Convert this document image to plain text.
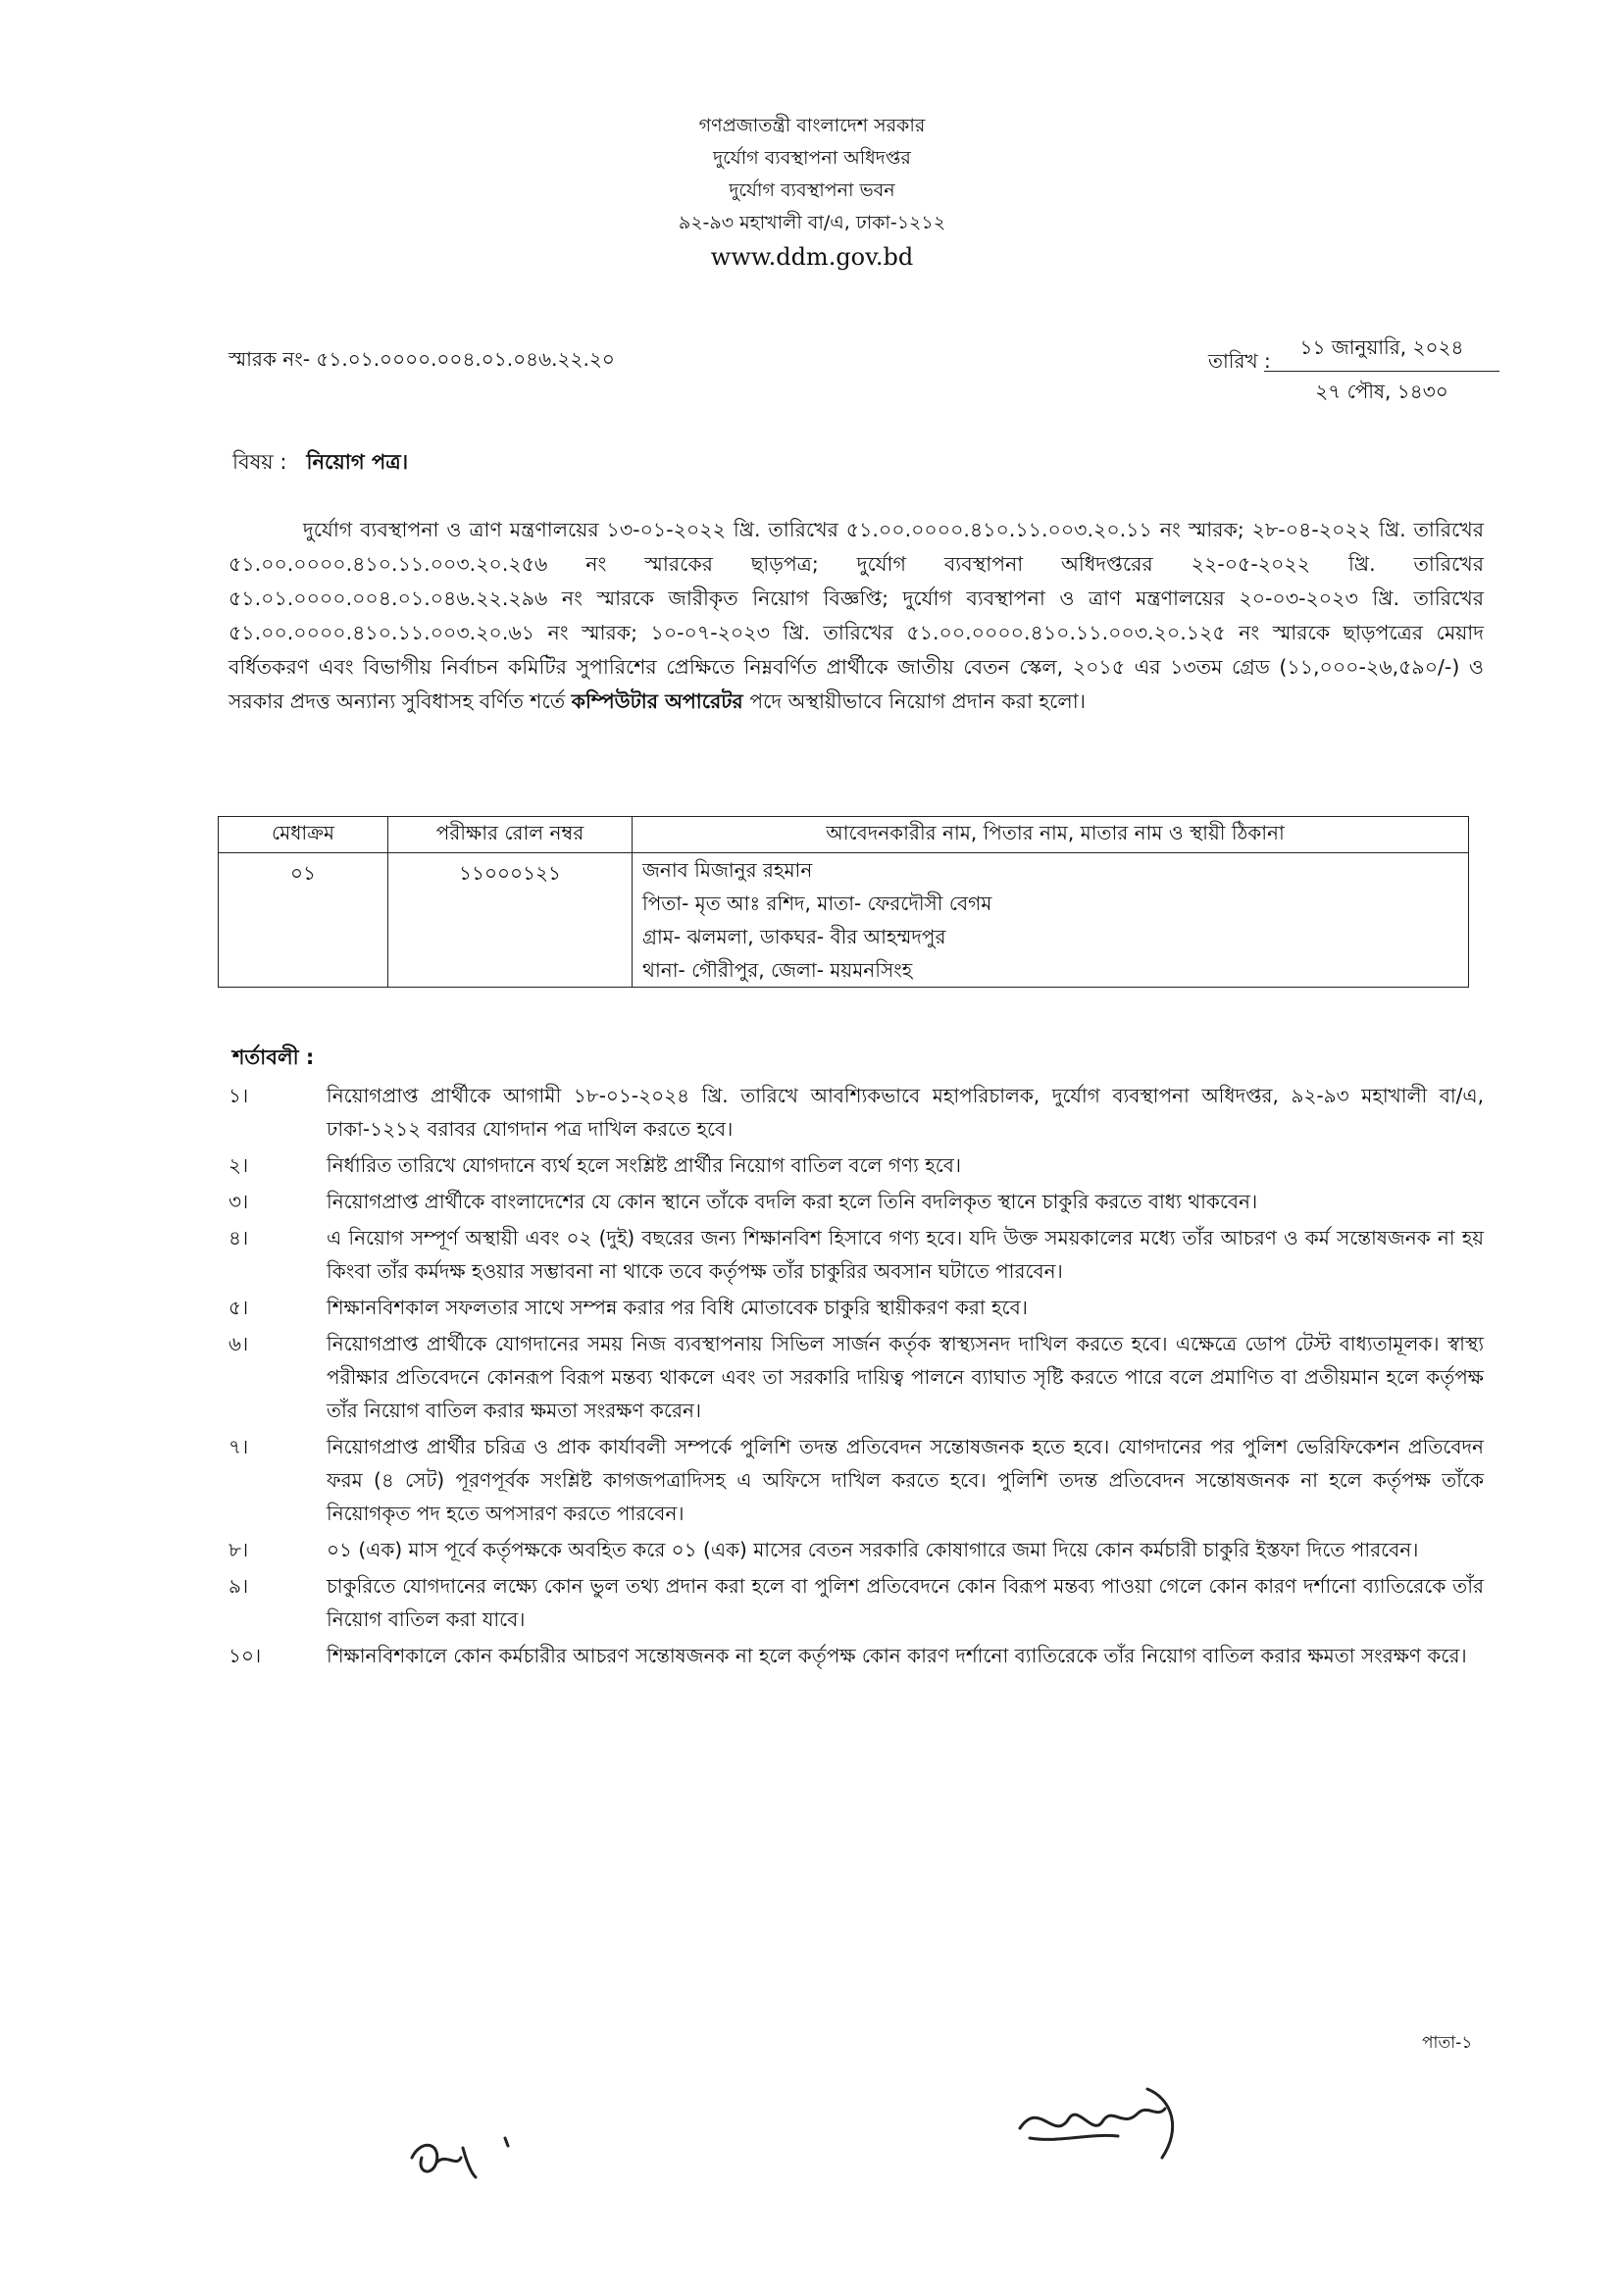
গণপ্রজাতন্ত্রী বাংলাদেশ সরকার
দুর্যোগ ব্যবস্থাপনা অধিদপ্তর
দুর্যোগ ব্যবস্থাপনা ভবন
৯২-৯৩ মহাখালী বা/এ, ঢাকা-১২১২
www.ddm.gov.bd
স্মারক নং- ৫১.০১.০০০০.০০৪.০১.০৪৬.২২.২০	তারিখ :
১১ জানুয়ারি, ২০২৪
২৭ পৌষ, ১৪৩০
বিষয় : নিয়োগ পত্র।
দুর্যোগ ব্যবস্থাপনা ও ত্রাণ মন্ত্রণালয়ের ১৩-০১-২০২২ খ্রি. তারিখের ৫১.০০.০০০০.৪১০.১১.০০৩.২০.১১ নং স্মারক; ২৮-০৪-২০২২ খ্রি. তারিখের ৫১.০০.০০০০.৪১০.১১.০০৩.২০.২৫৬ নং স্মারকের ছাড়পত্র; দুর্যোগ ব্যবস্থাপনা অধিদপ্তরের ২২-০৫-২০২২ খ্রি. তারিখের ৫১.০১.০০০০.০০৪.০১.০৪৬.২২.২৯৬ নং স্মারকে জারীকৃত নিয়োগ বিজ্ঞপ্তি; দুর্যোগ ব্যবস্থাপনা ও ত্রাণ মন্ত্রণালয়ের ২০-০৩-২০২৩ খ্রি. তারিখের ৫১.০০.০০০০.৪১০.১১.০০৩.২০.৬১ নং স্মারক; ১০-০৭-২০২৩ খ্রি. তারিখের ৫১.০০.০০০০.৪১০.১১.০০৩.২০.১২৫ নং স্মারকে ছাড়পত্রের মেয়াদ বর্ধিতকরণ এবং বিভাগীয় নির্বাচন কমিটির সুপারিশের প্রেক্ষিতে নিম্নবর্ণিত প্রার্থীকে জাতীয় বেতন স্কেল, ২০১৫ এর ১৩তম গ্রেড (১১,০০০-২৬,৫৯০/-) ও সরকার প্রদত্ত অন্যান্য সুবিধাসহ বর্ণিত শর্তে কম্পিউটার অপারেটর পদে অস্থায়ীভাবে নিয়োগ প্রদান করা হলো।
মেধাক্রম	পরীক্ষার রোল নম্বর	আবেদনকারীর নাম, পিতার নাম, মাতার নাম ও স্থায়ী ঠিকানা

০১	১১০০০১২১	জনাব মিজানুর রহমান
পিতা- মৃত আঃ রশিদ, মাতা- ফেরদৌসী বেগম
গ্রাম- ঝলমলা, ডাকঘর- বীর আহম্মদপুর
থানা- গৌরীপুর, জেলা- ময়মনসিংহ
শর্তাবলী :
১।	নিয়োগপ্রাপ্ত প্রার্থীকে আগামী ১৮-০১-২০২৪ খ্রি. তারিখে আবশ্যিকভাবে মহাপরিচালক, দুর্যোগ ব্যবস্থাপনা অধিদপ্তর, ৯২-৯৩ মহাখালী বা/এ, ঢাকা-১২১২ বরাবর যোগদান পত্র দাখিল করতে হবে।
২।	নির্ধারিত তারিখে যোগদানে ব্যর্থ হলে সংশ্লিষ্ট প্রার্থীর নিয়োগ বাতিল বলে গণ্য হবে।
৩।	নিয়োগপ্রাপ্ত প্রার্থীকে বাংলাদেশের যে কোন স্থানে তাঁকে বদলি করা হলে তিনি বদলিকৃত স্থানে চাকুরি করতে বাধ্য থাকবেন।
৪।	এ নিয়োগ সম্পূর্ণ অস্থায়ী এবং ০২ (দুই) বছরের জন্য শিক্ষানবিশ হিসাবে গণ্য হবে। যদি উক্ত সময়কালের মধ্যে তাঁর আচরণ ও কর্ম সন্তোষজনক না হয় কিংবা তাঁর কর্মদক্ষ হওয়ার সম্ভাবনা না থাকে তবে কর্তৃপক্ষ তাঁর চাকুরির অবসান ঘটাতে পারবেন।
৫।	শিক্ষানবিশকাল সফলতার সাথে সম্পন্ন করার পর বিধি মোতাবেক চাকুরি স্থায়ীকরণ করা হবে।
৬।	নিয়োগপ্রাপ্ত প্রার্থীকে যোগদানের সময় নিজ ব্যবস্থাপনায় সিভিল সার্জন কর্তৃক স্বাস্থ্যসনদ দাখিল করতে হবে। এক্ষেত্রে ডোপ টেস্ট বাধ্যতামূলক। স্বাস্থ্য পরীক্ষার প্রতিবেদনে কোনরূপ বিরূপ মন্তব্য থাকলে এবং তা সরকারি দায়িত্ব পালনে ব্যাঘাত সৃষ্টি করতে পারে বলে প্রমাণিত বা প্রতীয়মান হলে কর্তৃপক্ষ তাঁর নিয়োগ বাতিল করার ক্ষমতা সংরক্ষণ করেন।
৭।	নিয়োগপ্রাপ্ত প্রার্থীর চরিত্র ও প্রাক কার্যাবলী সম্পর্কে পুলিশি তদন্ত প্রতিবেদন সন্তোষজনক হতে হবে। যোগদানের পর পুলিশ ভেরিফিকেশন প্রতিবেদন ফরম (৪ সেট) পূরণপূর্বক সংশ্লিষ্ট কাগজপত্রাদিসহ এ অফিসে দাখিল করতে হবে। পুলিশি তদন্ত প্রতিবেদন সন্তোষজনক না হলে কর্তৃপক্ষ তাঁকে নিয়োগকৃত পদ হতে অপসারণ করতে পারবেন।
৮।	০১ (এক) মাস পূর্বে কর্তৃপক্ষকে অবহিত করে ০১ (এক) মাসের বেতন সরকারি কোষাগারে জমা দিয়ে কোন কর্মচারী চাকুরি ইস্তফা দিতে পারবেন।
৯।	চাকুরিতে যোগদানের লক্ষ্যে কোন ভুল তথ্য প্রদান করা হলে বা পুলিশ প্রতিবেদনে কোন বিরূপ মন্তব্য পাওয়া গেলে কোন কারণ দর্শানো ব্যাতিরেকে তাঁর নিয়োগ বাতিল করা যাবে।
১০।	শিক্ষানবিশকালে কোন কর্মচারীর আচরণ সন্তোষজনক না হলে কর্তৃপক্ষ কোন কারণ দর্শানো ব্যাতিরেকে তাঁর নিয়োগ বাতিল করার ক্ষমতা সংরক্ষণ করে।
পাতা-১
